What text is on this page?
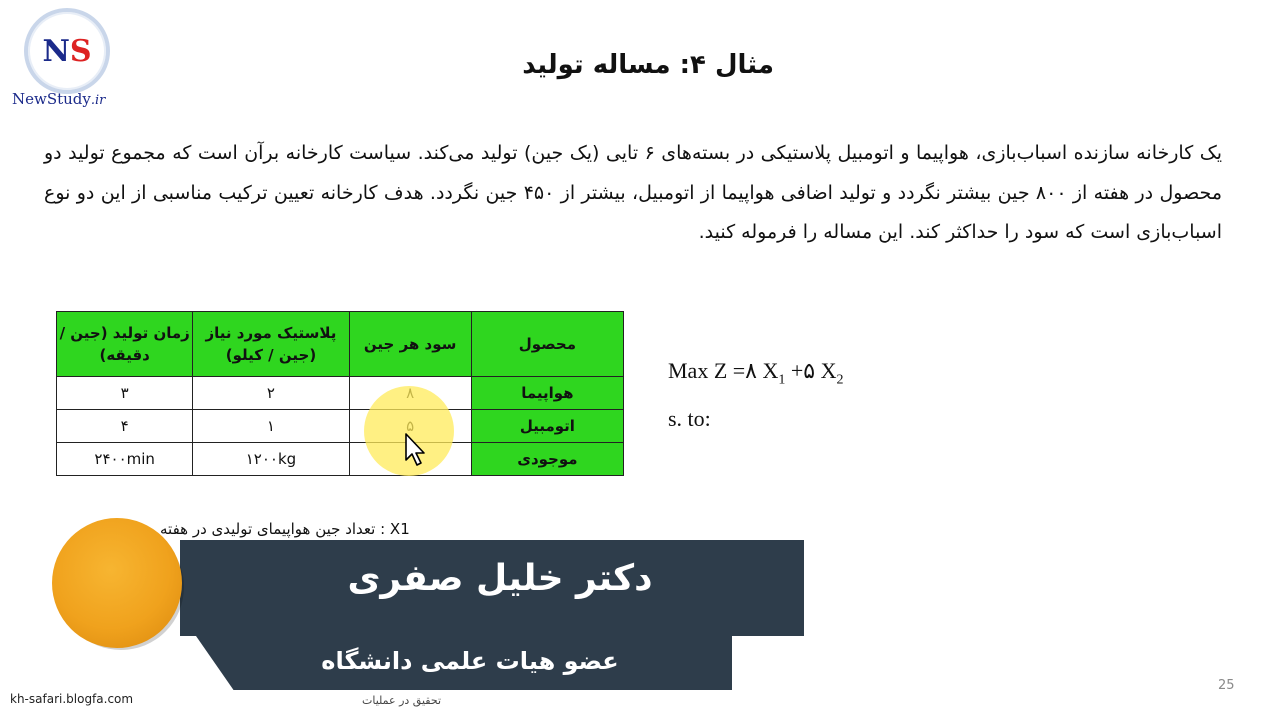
N S
NewStudy.ir
مثال ۴: مساله تولید
یک کارخانه سازنده اسباب‌بازی، هواپیما و اتومبیل پلاستیکی در بسته‌های ۶ تایی (یک جین) تولید می‌کند. سیاست کارخانه برآن است که مجموع تولید دو محصول در هفته از ۸۰۰ جین بیشتر نگردد و تولید اضافی هواپیما از اتومبیل، بیشتر از ۴۵۰ جین نگردد. هدف کارخانه تعیین ترکیب مناسبی از این دو نوع اسباب‌بازی است که سود را حداکثر کند. این مساله را فرموله کنید.
محصول	سود هر جین	پلاستیک مورد نیاز (جین / کیلو)	زمان تولید (جین / دقیقه)
هواپیما		۲	۳
اتومبیل		۱	۴
موجودی		۱۲۰۰kg	۲۴۰۰min
Max Z =۸ $X_1$ +۵ $X_2$
s. to:
X1 : تعداد جین هواپیمای تولیدی در هفته
دکتر خلیل صفری
عضو هیات علمی دانشگاه
kh-safari.blogfa.com	تحقیق در عملیات
25
